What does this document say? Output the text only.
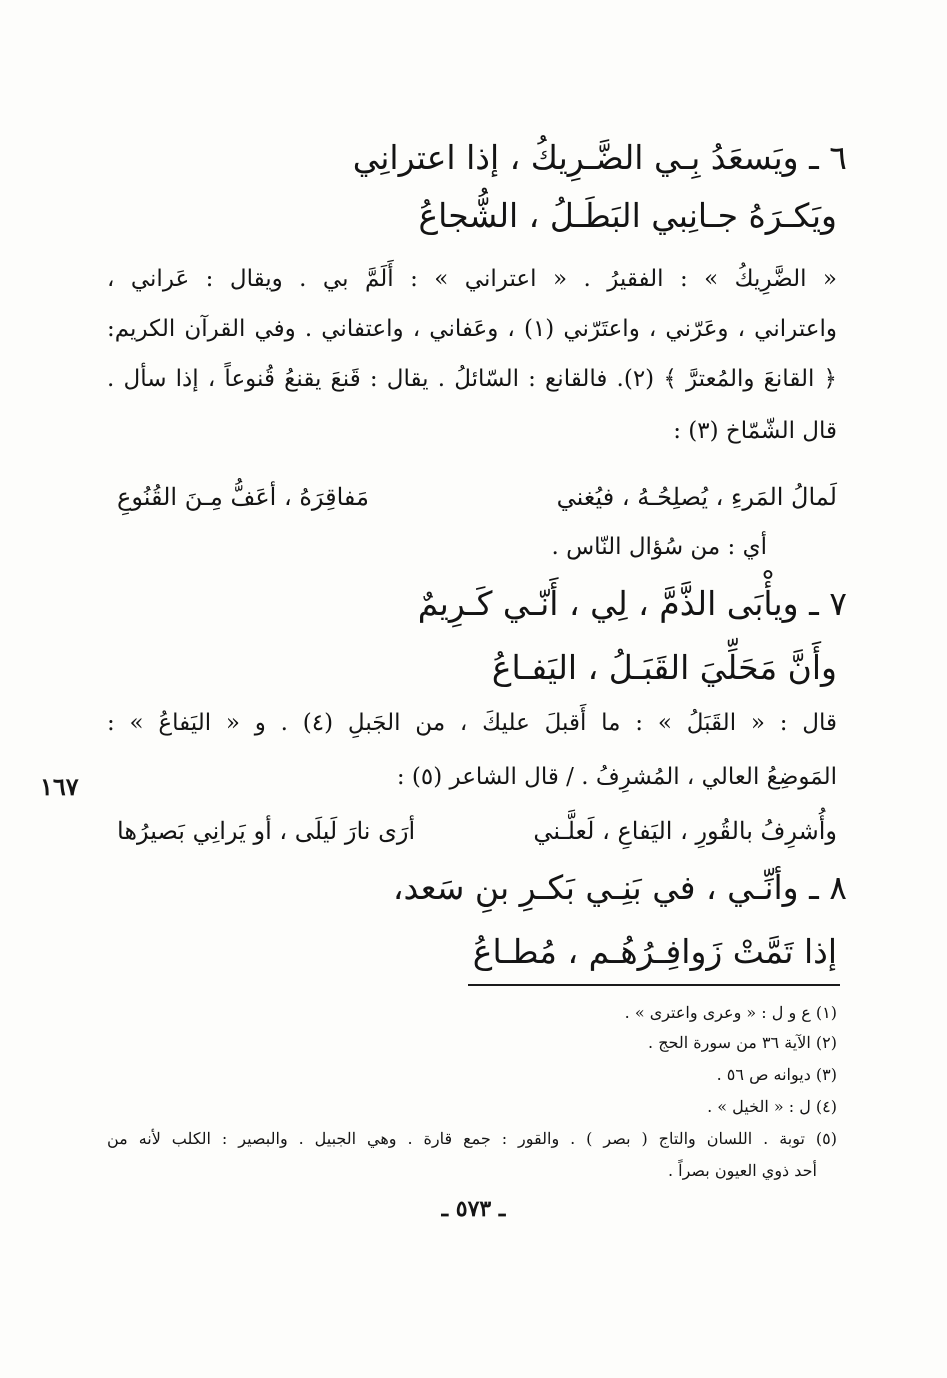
٦ ـ ويَسعَدُ بِـي الضَّـرِيكُ ، إذا اعترانِي
ويَكـرَهُ جـانِبي البَطَـلُ ، الشُّجاعُ
« الضَّرِيكُ » : الفقيرُ . « اعتراني » : أَلَمَّ بي . ويقال : عَراني ،
واعتراني ، وعَرّني ، واعتَرّني (١) ، وعَفاني ، واعتفاني . وفي القرآن الكريم:
﴿ القانعَ والمُعترَّ ﴾ (٢). فالقانع : السّائلُ . يقال : قَنعَ يقنعُ قُنوعاً ، إذا سأل .
قال الشّمّاخ (٣) :
لَمالُ المَرءِ ، يُصلِحُـهُ ، فيُغنيمَفاقِرَهُ ، أعَفُّ مِـنَ القُنُوعِ
أي : من سُؤال النّاس .
٧ ـ ويأْبَى الذَّمَّ ، لِي ، أَنّـي كَـرِيمٌ
وأَنَّ مَحَلِّيَ القَبَـلُ ، اليَفـاعُ
قال : « القَبَلُ » : ما أَقبلَ عليكَ ، من الجَبلِ (٤) . و « اليَفاعُ » :
المَوضِعُ العالي ، المُشرِفُ . / قال الشاعر (٥) :
١٦٧
وأُشرِفُ بالقُورِ ، اليَفاعِ ، لَعلَّـنيأرَى نارَ لَيلَى ، أو يَرانِي بَصيرُها
٨ ـ وأنِّـي ، في بَنِـي بَكـرِ بنِ سَعد،
إذا تَمَّتْ زَوافِـرُهُـم ، مُطـاعُ
(١) ع و ل : « وعرى واعترى » .
(٢) الآية ٣٦ من سورة الحج .
(٣) ديوانه ص ٥٦ .
(٤) ل : « الخيل » .
(٥) توبة . اللسان والتاج ( بصر ) . والقور : جمع قارة . وهي الجبيل . والبصير : الكلب لأنه من
أحد ذوي العيون بصراً .
ـ ٥٧٣ ـ
